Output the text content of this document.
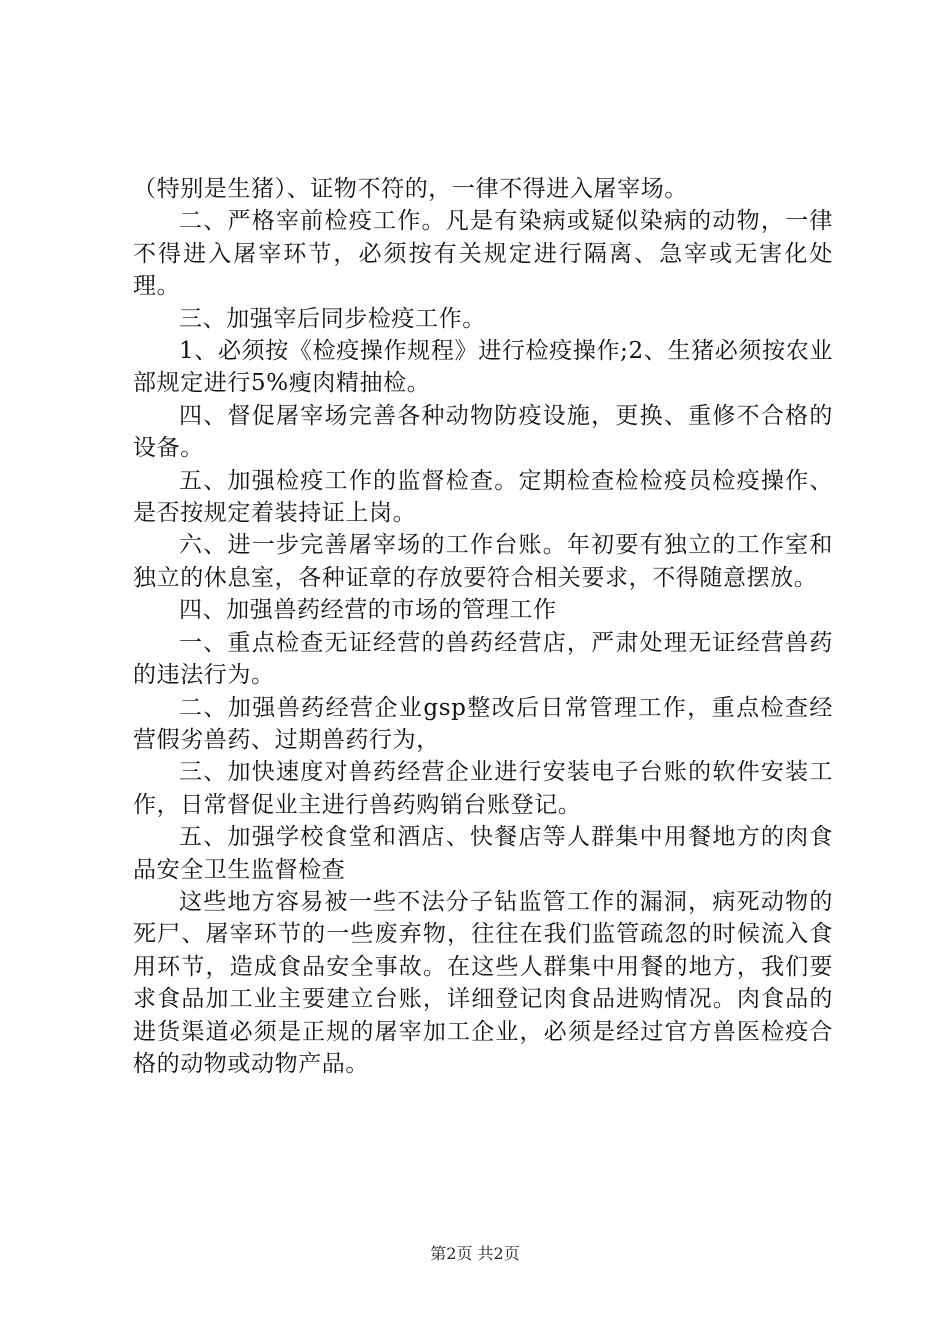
（特别是生猪）、证物不符的，一律不得进入屠宰场。

二、严格宰前检疫工作。凡是有染病或疑似染病的动物，一律不得进入屠宰环节，必须按有关规定进行隔离、急宰或无害化处理。

三、加强宰后同步检疫工作。

1、必须按《检疫操作规程》进行检疫操作;2、生猪必须按农业部规定进行5%瘦肉精抽检。

四、督促屠宰场完善各种动物防疫设施，更换、重修不合格的设备。

五、加强检疫工作的监督检查。定期检查检检疫员检疫操作、是否按规定着装持证上岗。

六、进一步完善屠宰场的工作台账。年初要有独立的工作室和独立的休息室，各种证章的存放要符合相关要求，不得随意摆放。

四、加强兽药经营的市场的管理工作

一、重点检查无证经营的兽药经营店，严肃处理无证经营兽药的违法行为。

二、加强兽药经营企业gsp整改后日常管理工作，重点检查经营假劣兽药、过期兽药行为，

三、加快速度对兽药经营企业进行安装电子台账的软件安装工作，日常督促业主进行兽药购销台账登记。

五、加强学校食堂和酒店、快餐店等人群集中用餐地方的肉食品安全卫生监督检查

这些地方容易被一些不法分子钻监管工作的漏洞，病死动物的死尸、屠宰环节的一些废弃物，往往在我们监管疏忽的时候流入食用环节，造成食品安全事故。在这些人群集中用餐的地方，我们要求食品加工业主要建立台账，详细登记肉食品进购情况。肉食品的进货渠道必须是正规的屠宰加工企业，必须是经过官方兽医检疫合格的动物或动物产品。

第2页 共2页
